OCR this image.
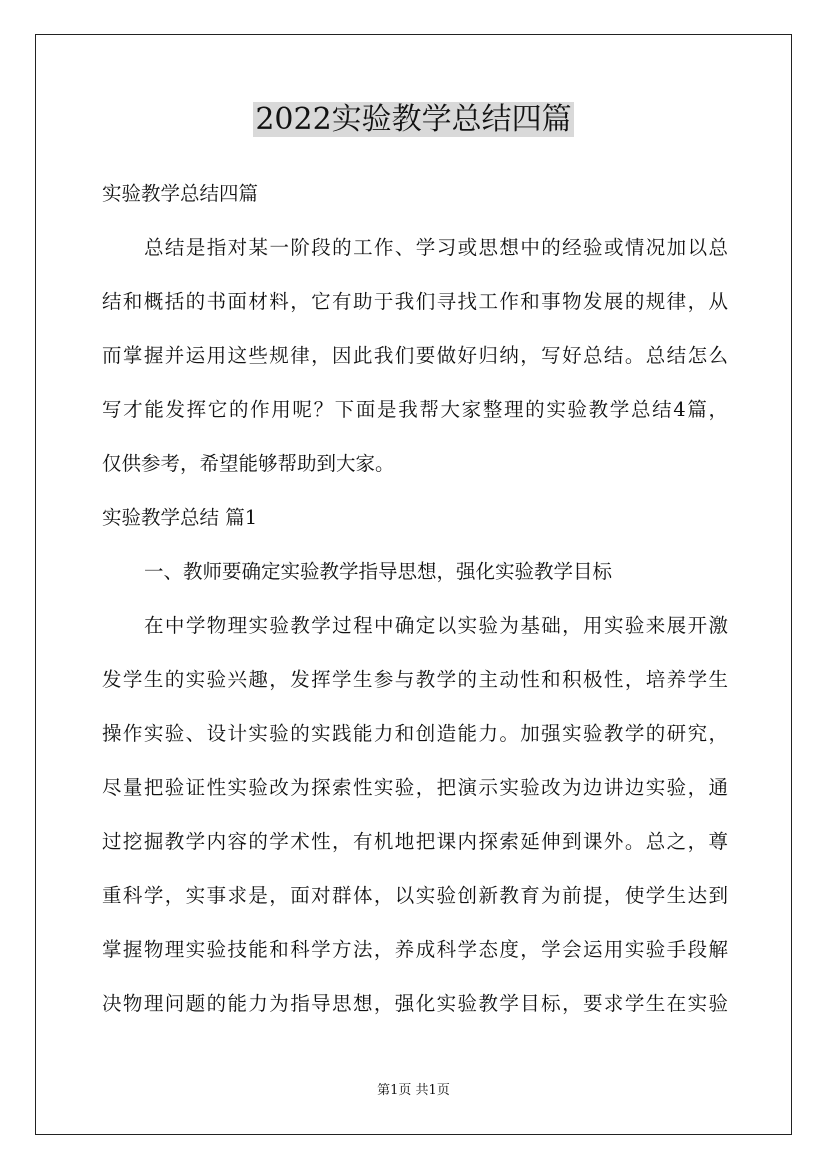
2022实验教学总结四篇
实验教学总结四篇
总结是指对某一阶段的工作、学习或思想中的经验或情况加以总
结和概括的书面材料，它有助于我们寻找工作和事物发展的规律，从
而掌握并运用这些规律，因此我们要做好归纳，写好总结。总结怎么
写才能发挥它的作用呢？下面是我帮大家整理的实验教学总结4篇，
仅供参考，希望能够帮助到大家。
实验教学总结 篇1
一、教师要确定实验教学指导思想，强化实验教学目标
在中学物理实验教学过程中确定以实验为基础，用实验来展开激
发学生的实验兴趣，发挥学生参与教学的主动性和积极性，培养学生
操作实验、设计实验的实践能力和创造能力。加强实验教学的研究，
尽量把验证性实验改为探索性实验，把演示实验改为边讲边实验，通
过挖掘教学内容的学术性，有机地把课内探索延伸到课外。总之，尊
重科学，实事求是，面对群体，以实验创新教育为前提，使学生达到
掌握物理实验技能和科学方法，养成科学态度，学会运用实验手段解
决物理问题的能力为指导思想，强化实验教学目标，要求学生在实验
第1页 共1页
